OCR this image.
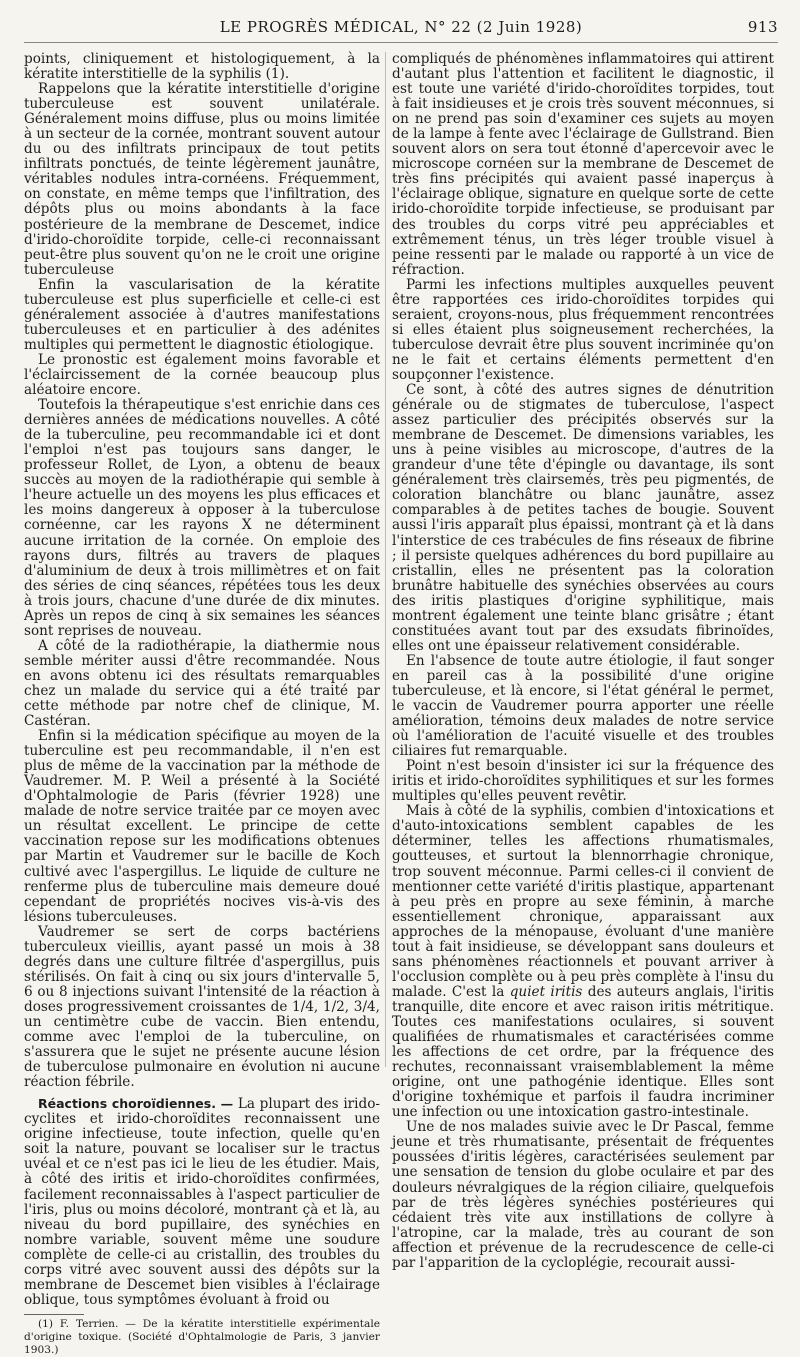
LE PROGRÈS MÉDICAL, N° 22 (2 Juin 1928)	913

points, cliniquement et histologiquement, à la kératite interstitielle de la syphilis (1).

Rappelons que la kératite interstitielle d'origine tuberculeuse est souvent unilatérale. Généralement moins diffuse, plus ou moins limitée à un secteur de la cornée, montrant souvent autour du ou des infiltrats principaux de tout petits infiltrats ponctués, de teinte légèrement jaunâtre, véritables nodules intra-cornéens. Fréquemment, on constate, en même temps que l'infiltration, des dépôts plus ou moins abondants à la face postérieure de la membrane de Descemet, indice d'irido-choroïdite torpide, celle-ci reconnaissant peut-être plus souvent qu'on ne le croit une origine tuberculeuse

Enfin la vascularisation de la kératite tuberculeuse est plus superficielle et celle-ci est généralement associée à d'autres manifestations tuberculeuses et en particulier à des adénites multiples qui permettent le diagnostic étiologique.

Le pronostic est également moins favorable et l'éclaircissement de la cornée beaucoup plus aléatoire encore.

Toutefois la thérapeutique s'est enrichie dans ces dernières années de médications nouvelles. A côté de la tuberculine, peu recommandable ici et dont l'emploi n'est pas toujours sans danger, le professeur Rollet, de Lyon, a obtenu de beaux succès au moyen de la radiothérapie qui semble à l'heure actuelle un des moyens les plus efficaces et les moins dangereux à opposer à la tuberculose cornéenne, car les rayons X ne déterminent aucune irritation de la cornée. On emploie des rayons durs, filtrés au travers de plaques d'aluminium de deux à trois millimètres et on fait des séries de cinq séances, répétées tous les deux à trois jours, chacune d'une durée de dix minutes. Après un repos de cinq à six semaines les séances sont reprises de nouveau.

A côté de la radiothérapie, la diathermie nous semble mériter aussi d'être recommandée. Nous en avons obtenu ici des résultats remarquables chez un malade du service qui a été traité par cette méthode par notre chef de clinique, M. Castéran.

Enfin si la médication spécifique au moyen de la tuberculine est peu recommandable, il n'en est plus de même de la vaccination par la méthode de Vaudremer. M. P. Weil a présenté à la Société d'Ophtalmologie de Paris (février 1928) une malade de notre service traitée par ce moyen avec un résultat excellent. Le principe de cette vaccination repose sur les modifications obtenues par Martin et Vaudremer sur le bacille de Koch cultivé avec l'aspergillus. Le liquide de culture ne renferme plus de tuberculine mais demeure doué cependant de propriétés nocives vis-à-vis des lésions tuberculeuses.

Vaudremer se sert de corps bactériens tuberculeux vieillis, ayant passé un mois à 38 degrés dans une culture filtrée d'aspergillus, puis stérilisés. On fait à cinq ou six jours d'intervalle 5, 6 ou 8 injections suivant l'intensité de la réaction à doses progressivement croissantes de 1/4, 1/2, 3/4, un centimètre cube de vaccin. Bien entendu, comme avec l'emploi de la tuberculine, on s'assurera que le sujet ne présente aucune lésion de tuberculose pulmonaire en évolution ni aucune réaction fébrile.

Réactions choroïdiennes. — La plupart des irido-cyclites et irido-choroïdites reconnaissent une origine infectieuse, toute infection, quelle qu'en soit la nature, pouvant se localiser sur le tractus uvéal et ce n'est pas ici le lieu de les étudier. Mais, à côté des iritis et irido-choroïdites confirmées, facilement reconnaissables à l'aspect particulier de l'iris, plus ou moins décoloré, montrant çà et là, au niveau du bord pupillaire, des synéchies en nombre variable, souvent même une soudure complète de celle-ci au cristallin, des troubles du corps vitré avec souvent aussi des dépôts sur la membrane de Descemet bien visibles à l'éclairage oblique, tous symptômes évoluant à froid ou

(1) F. Terrien. — De la kératite interstitielle expérimentale d'origine toxique. (Société d'Ophtalmologie de Paris, 3 janvier 1903.)

compliqués de phénomènes inflammatoires qui attirent d'autant plus l'attention et facilitent le diagnostic, il est toute une variété d'irido-choroïdites torpides, tout à fait insidieuses et je crois très souvent méconnues, si on ne prend pas soin d'examiner ces sujets au moyen de la lampe à fente avec l'éclairage de Gullstrand. Bien souvent alors on sera tout étonné d'apercevoir avec le microscope cornéen sur la membrane de Descemet de très fins précipités qui avaient passé inaperçus à l'éclairage oblique, signature en quelque sorte de cette irido-choroïdite torpide infectieuse, se produisant par des troubles du corps vitré peu appréciables et extrêmement ténus, un très léger trouble visuel à peine ressenti par le malade ou rapporté à un vice de réfraction.

Parmi les infections multiples auxquelles peuvent être rapportées ces irido-choroïdites torpides qui seraient, croyons-nous, plus fréquemment rencontrées si elles étaient plus soigneusement recherchées, la tuberculose devrait être plus souvent incriminée qu'on ne le fait et certains éléments permettent d'en soupçonner l'existence.

Ce sont, à côté des autres signes de dénutrition générale ou de stigmates de tuberculose, l'aspect assez particulier des précipités observés sur la membrane de Descemet. De dimensions variables, les uns à peine visibles au microscope, d'autres de la grandeur d'une tête d'épingle ou davantage, ils sont généralement très clairsemés, très peu pigmentés, de coloration blanchâtre ou blanc jaunâtre, assez comparables à de petites taches de bougie. Souvent aussi l'iris apparaît plus épaissi, montrant çà et là dans l'interstice de ces trabécules de fins réseaux de fibrine ; il persiste quelques adhérences du bord pupillaire au cristallin, elles ne présentent pas la coloration brunâtre habituelle des synéchies observées au cours des iritis plastiques d'origine syphilitique, mais montrent également une teinte blanc grisâtre ; étant constituées avant tout par des exsudats fibrinoïdes, elles ont une épaisseur relativement considérable.

En l'absence de toute autre étiologie, il faut songer en pareil cas à la possibilité d'une origine tuberculeuse, et là encore, si l'état général le permet, le vaccin de Vaudremer pourra apporter une réelle amélioration, témoins deux malades de notre service où l'amélioration de l'acuité visuelle et des troubles ciliaires fut remarquable.

Point n'est besoin d'insister ici sur la fréquence des iritis et irido-choroïdites syphilitiques et sur les formes multiples qu'elles peuvent revêtir.

Mais à côté de la syphilis, combien d'intoxications et d'auto-intoxications semblent capables de les déterminer, telles les affections rhumatismales, goutteuses, et surtout la blennorrhagie chronique, trop souvent méconnue. Parmi celles-ci il convient de mentionner cette variété d'iritis plastique, appartenant à peu près en propre au sexe féminin, à marche essentiellement chronique, apparaissant aux approches de la ménopause, évoluant d'une manière tout à fait insidieuse, se développant sans douleurs et sans phénomènes réactionnels et pouvant arriver à l'occlusion complète ou à peu près complète à l'insu du malade. C'est la quiet iritis des auteurs anglais, l'iritis tranquille, dite encore et avec raison iritis métritique. Toutes ces manifestations oculaires, si souvent qualifiées de rhumatismales et caractérisées comme les affections de cet ordre, par la fréquence des rechutes, reconnaissant vraisemblablement la même origine, ont une pathogénie identique. Elles sont d'origine toxhémique et parfois il faudra incriminer une infection ou une intoxication gastro-intestinale.

Une de nos malades suivie avec le Dr Pascal, femme jeune et très rhumatisante, présentait de fréquentes poussées d'iritis légères, caractérisées seulement par une sensation de tension du globe oculaire et par des douleurs névralgiques de la région ciliaire, quelquefois par de très légères synéchies postérieures qui cédaient très vite aux instillations de collyre à l'atropine, car la malade, très au courant de son affection et prévenue de la recrudescence de celle-ci par l'apparition de la cycloplégie, recourait aussi-
